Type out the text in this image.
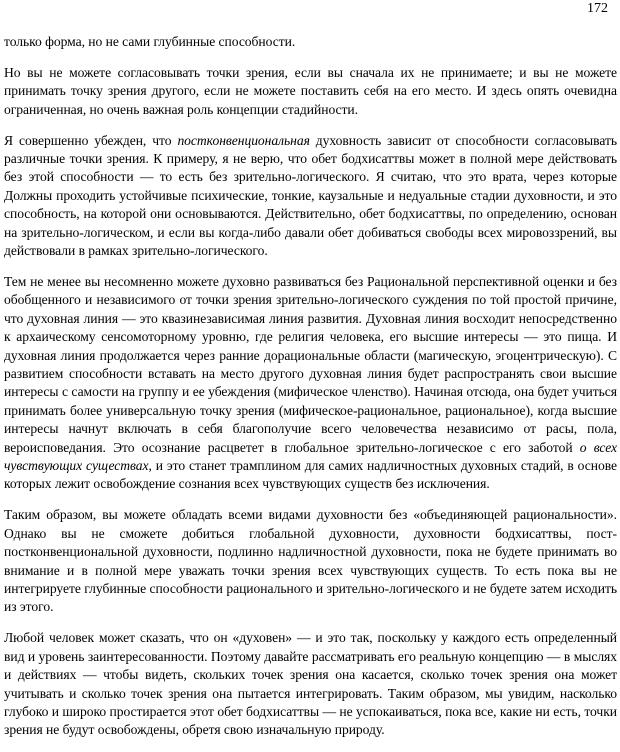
172

только форма, но не сами глубинные способности.

Но вы не можете согласовывать точки зрения, если вы сначала их не принимаете; и вы не можете принимать точку зрения другого, если не можете поставить себя на его место. И здесь опять очевидна ограниченная, но очень важная роль концепции стадийности.

Я совершенно убежден, что постконвенциональная духовность зависит от способности согласовывать различные точки зрения. К примеру, я не верю, что обет бодхисаттвы может в полной мере действовать без этой способности — то есть без зрительно-логического. Я считаю, что это врата, через которые Должны проходить устойчивые психические, тонкие, каузальные и недуальные стадии духовности, и это способность, на которой они основываются. Действительно, обет бодхисаттвы, по определению, основан на зрительно-логическом, и если вы когда-либо давали обет добиваться свободы всех мировоззрений, вы действовали в рамках зрительно-логического.

Тем не менее вы несомненно можете духовно развиваться без Рациональной перспективной оценки и без обобщенного и независимого от точки зрения зрительно-логического суждения по той простой причине, что духовная линия — это квазинезависимая линия развития. Духовная линия восходит непосредственно к архаическому сенсомоторному уровню, где религия человека, его высшие интересы — это пища. И духовная линия продолжается через ранние дорациональные области (магическую, эгоцентрическую). С развитием способности вставать на место другого духовная линия будет распространять свои высшие интересы с самости на группу и ее убеждения (мифическое членство). Начиная отсюда, она будет учиться принимать более универсальную точку зрения (мифическое-рациональное, рациональное), когда высшие интересы начнут включать в себя благополучие всего человечества независимо от расы, пола, вероисповедания. Это осознание расцветет в глобальное зрительно-логическое с его заботой о всех чувствующих существах, и это станет трамплином для самих надличностных духовных стадий, в основе которых лежит освобождение сознания всех чувствующих существ без исключения.

Таким образом, вы можете обладать всеми видами духовности без «объединяющей рациональности». Однако вы не сможете добиться глобальной духовности, духовности бодхисаттвы, пост-постконвенциональной духовности, подлинно надличностной духовности, пока не будете принимать во внимание и в полной мере уважать точки зрения всех чувствующих существ. То есть пока вы не интегрируете глубинные способности рационального и зрительно-логического и не будете затем исходить из этого.

Любой человек может сказать, что он «духовен» — и это так, поскольку у каждого есть определенный вид и уровень заинтересованности. Поэтому давайте рассматривать его реальную концепцию — в мыслях и действиях — чтобы видеть, скольких точек зрения она касается, сколько точек зрения она может учитывать и сколько точек зрения она пытается интегрировать. Таким образом, мы увидим, насколько глубоко и широко простирается этот обет бодхисаттвы — не успокаиваться, пока все, какие ни есть, точки зрения не будут освобождены, обретя свою изначальную природу.
